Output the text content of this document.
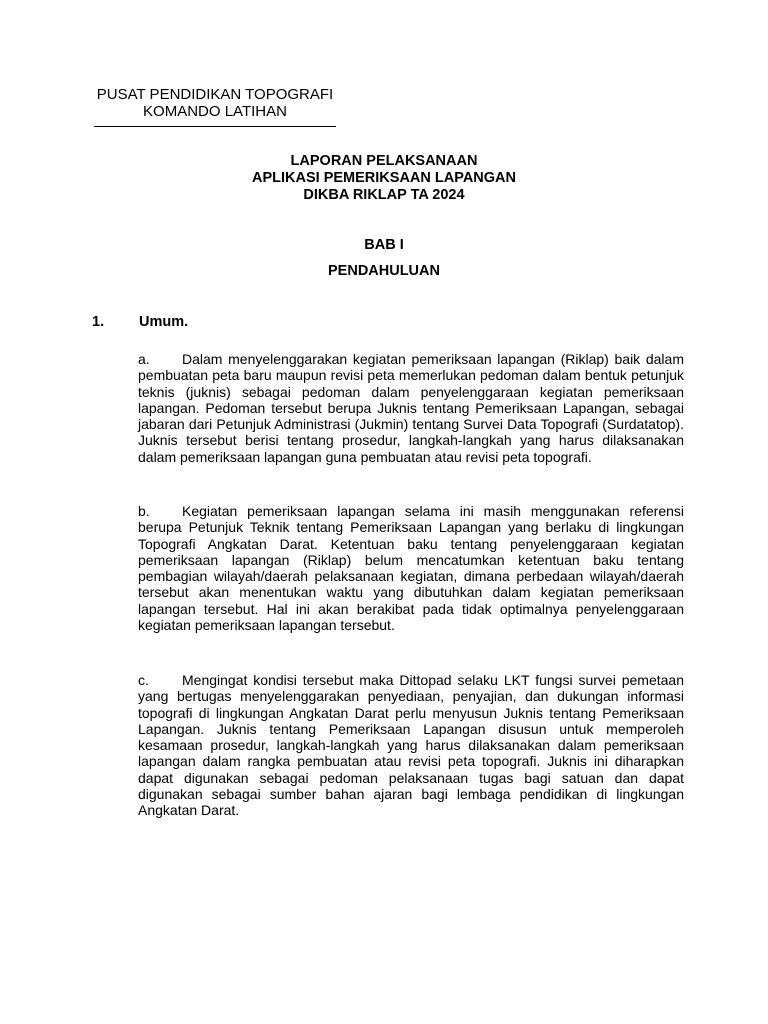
PUSAT PENDIDIKAN TOPOGRAFI
KOMANDO LATIHAN
LAPORAN PELAKSANAAN
APLIKASI PEMERIKSAAN LAPANGAN
DIKBA RIKLAP TA 2024
BAB I
PENDAHULUAN
1. Umum.

a. Dalam menyelenggarakan kegiatan pemeriksaan lapangan (Riklap) baik dalam pembuatan peta baru maupun revisi peta memerlukan pedoman dalam bentuk petunjuk teknis (juknis) sebagai pedoman dalam penyelenggaraan kegiatan pemeriksaan lapangan. Pedoman tersebut berupa Juknis tentang Pemeriksaan Lapangan, sebagai jabaran dari Petunjuk Administrasi (Jukmin) tentang Survei Data Topografi (Surdatatop). Juknis tersebut berisi tentang prosedur, langkah-langkah yang harus dilaksanakan dalam pemeriksaan lapangan guna pembuatan atau revisi peta topografi.

b. Kegiatan pemeriksaan lapangan selama ini masih menggunakan referensi berupa Petunjuk Teknik tentang Pemeriksaan Lapangan yang berlaku di lingkungan Topografi Angkatan Darat. Ketentuan baku tentang penyelenggaraan kegiatan pemeriksaan lapangan (Riklap) belum mencatumkan ketentuan baku tentang pembagian wilayah/daerah pelaksanaan kegiatan, dimana perbedaan wilayah/daerah tersebut akan menentukan waktu yang dibutuhkan dalam kegiatan pemeriksaan lapangan tersebut. Hal ini akan berakibat pada tidak optimalnya penyelenggaraan kegiatan pemeriksaan lapangan tersebut.

c. Mengingat kondisi tersebut maka Dittopad selaku LKT fungsi survei pemetaan yang bertugas menyelenggarakan penyediaan, penyajian, dan dukungan informasi topografi di lingkungan Angkatan Darat perlu menyusun Juknis tentang Pemeriksaan Lapangan. Juknis tentang Pemeriksaan Lapangan disusun untuk memperoleh kesamaan prosedur, langkah-langkah yang harus dilaksanakan dalam pemeriksaan lapangan dalam rangka pembuatan atau revisi peta topografi. Juknis ini diharapkan dapat digunakan sebagai pedoman pelaksanaan tugas bagi satuan dan dapat digunakan sebagai sumber bahan ajaran bagi lembaga pendidikan di lingkungan Angkatan Darat.
